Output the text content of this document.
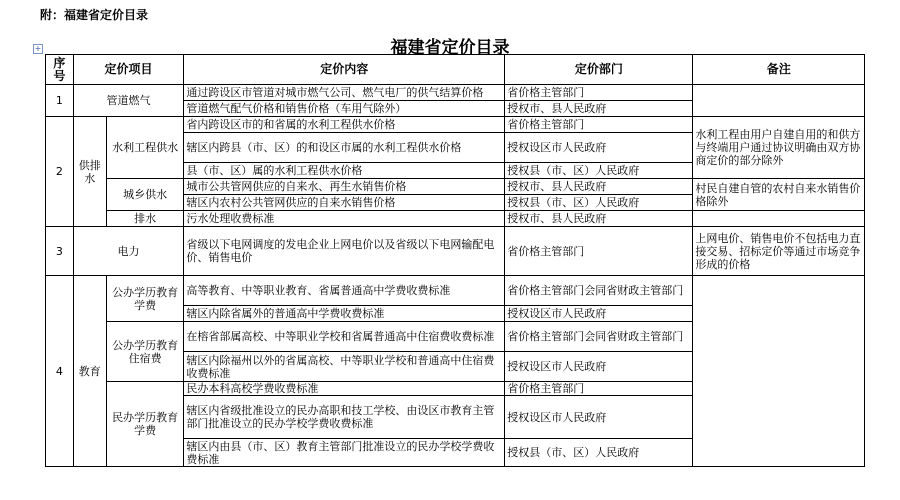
附：福建省定价目录
+	福建省定价目录
序号	定价项目		定价内容	定价部门	备注
1	管道燃气		通过跨设区市管道对城市燃气公司、燃气电厂的供气结算价格	省价格主管部门	
			管道燃气配气价格和销售价格（车用气除外）	授权市、县人民政府	
2	供排水	水利工程供水	省内跨设区市的和省属的水利工程供水价格	省价格主管部门	水利工程由用户自建自用的和供方与终端用户通过协议明确由双方协商定价的部分除外
			辖区内跨县（市、区）的和设区市属的水利工程供水价格	授权设区市人民政府	
			县（市、区）属的水利工程供水价格	授权县（市、区）人民政府	
		城乡供水	城市公共管网供应的自来水、再生水销售价格	授权市、县人民政府	村民自建自管的农村自来水销售价格除外
			辖区内农村公共管网供应的自来水销售价格	授权县（市、区）人民政府	
		排水	污水处理收费标准	授权市、县人民政府	
3	电力		省级以下电网调度的发电企业上网电价以及省级以下电网输配电价、销售电价	省价格主管部门	上网电价、销售电价不包括电力直接交易、招标定价等通过市场竞争形成的价格
4	教育	公办学历教育学费	高等教育、中等职业教育、省属普通高中学费收费标准	省价格主管部门会同省财政主管部门	
			辖区内除省属外的普通高中学费收费标准	授权设区市人民政府	
		公办学历教育住宿费	在榕省部属高校、中等职业学校和省属普通高中住宿费收费标准	省价格主管部门会同省财政主管部门	
			辖区内除福州以外的省属高校、中等职业学校和普通高中住宿费收费标准	授权设区市人民政府	
		民办学历教育学费	民办本科高校学费收费标准	省价格主管部门	
			辖区内省级批准设立的民办高职和技工学校、由设区市教育主管部门批准设立的民办学校学费收费标准	授权设区市人民政府	
			辖区内由县（市、区）教育主管部门批准设立的民办学校学费收费标准	授权县（市、区）人民政府	
